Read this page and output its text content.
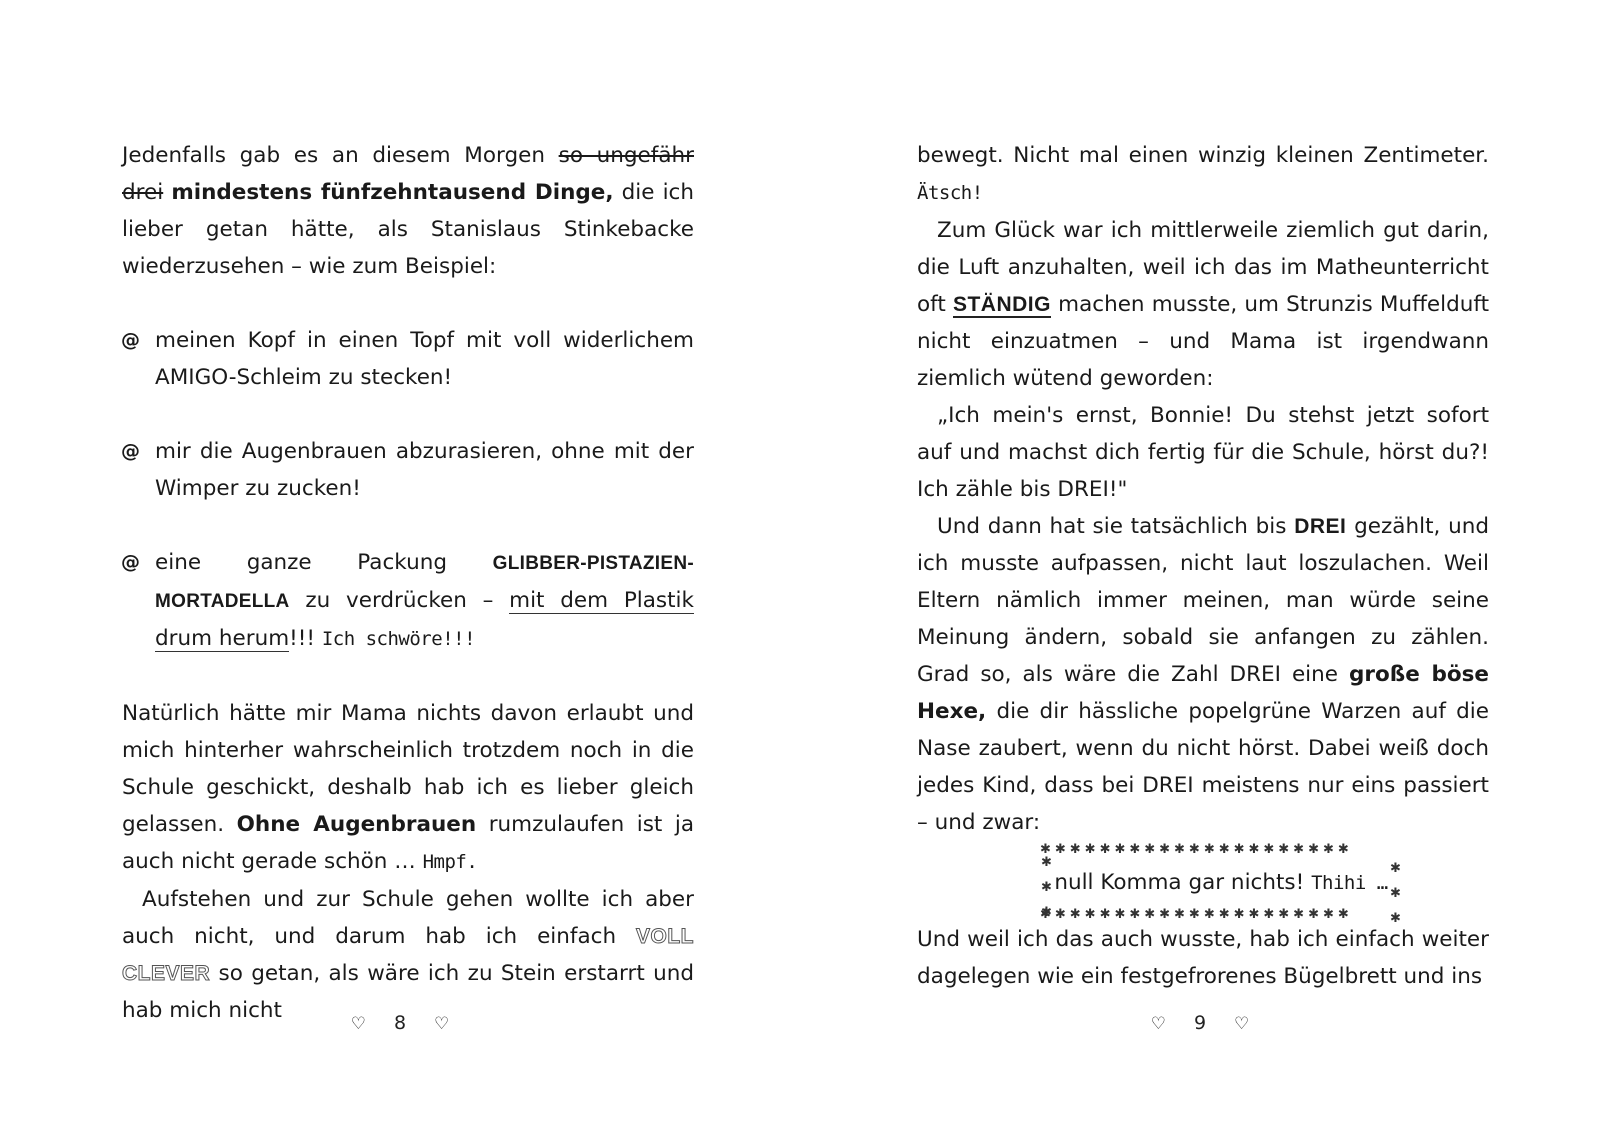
Jedenfalls gab es an diesem Morgen so ungefähr drei mindestens fünfzehntausend Dinge, die ich lieber getan hätte, als Stanislaus Stinkebacke wiederzusehen – wie zum Beispiel:

@ meinen Kopf in einen Topf mit voll widerlichem AMIGO-Schleim zu stecken!

@ mir die Augenbrauen abzurasieren, ohne mit der Wimper zu zucken!

@ eine ganze Packung GLIBBER-PISTAZIEN-MORTADELLA zu verdrücken – mit dem Plastik drum herum!!! Ich schwöre!!!

Natürlich hätte mir Mama nichts davon erlaubt und mich hinterher wahrscheinlich trotzdem noch in die Schule geschickt, deshalb hab ich es lieber gleich gelassen. Ohne Augenbrauen rumzulaufen ist ja auch nicht gerade schön … Hmpf.

Aufstehen und zur Schule gehen wollte ich aber auch nicht, und darum hab ich einfach VOLL CLEVER so getan, als wäre ich zu Stein erstarrt und hab mich nicht

♡ 8 ♡

bewegt. Nicht mal einen winzig kleinen Zentimeter. Ätsch!

Zum Glück war ich mittlerweile ziemlich gut darin, die Luft anzuhalten, weil ich das im Matheunterricht oft STÄNDIG machen musste, um Strunzis Muffelduft nicht einzuatmen – und Mama ist irgendwann ziemlich wütend geworden:

„Ich mein's ernst, Bonnie! Du stehst jetzt sofort auf und machst dich fertig für die Schule, hörst du?! Ich zähle bis DREI!"

Und dann hat sie tatsächlich bis DREI gezählt, und ich musste aufpassen, nicht laut loszulachen. Weil Eltern nämlich immer meinen, man würde seine Meinung ändern, sobald sie anfangen zu zählen. Grad so, als wäre die Zahl DREI eine große böse Hexe, die dir hässliche popelgrüne Warzen auf die Nase zaubert, wenn du nicht hörst. Dabei weiß doch jedes Kind, dass bei DREI meistens nur eins passiert – und zwar:

✱✱✱✱✱✱✱✱✱✱✱✱✱✱✱✱✱✱✱✱✱
✱✱✱	✱✱✱
null Komma gar nichts! Thihi …
✱✱✱✱✱✱✱✱✱✱✱✱✱✱✱✱✱✱✱✱✱

Und weil ich das auch wusste, hab ich einfach weiter dagelegen wie ein festgefrorenes Bügelbrett und ins

♡ 9 ♡
